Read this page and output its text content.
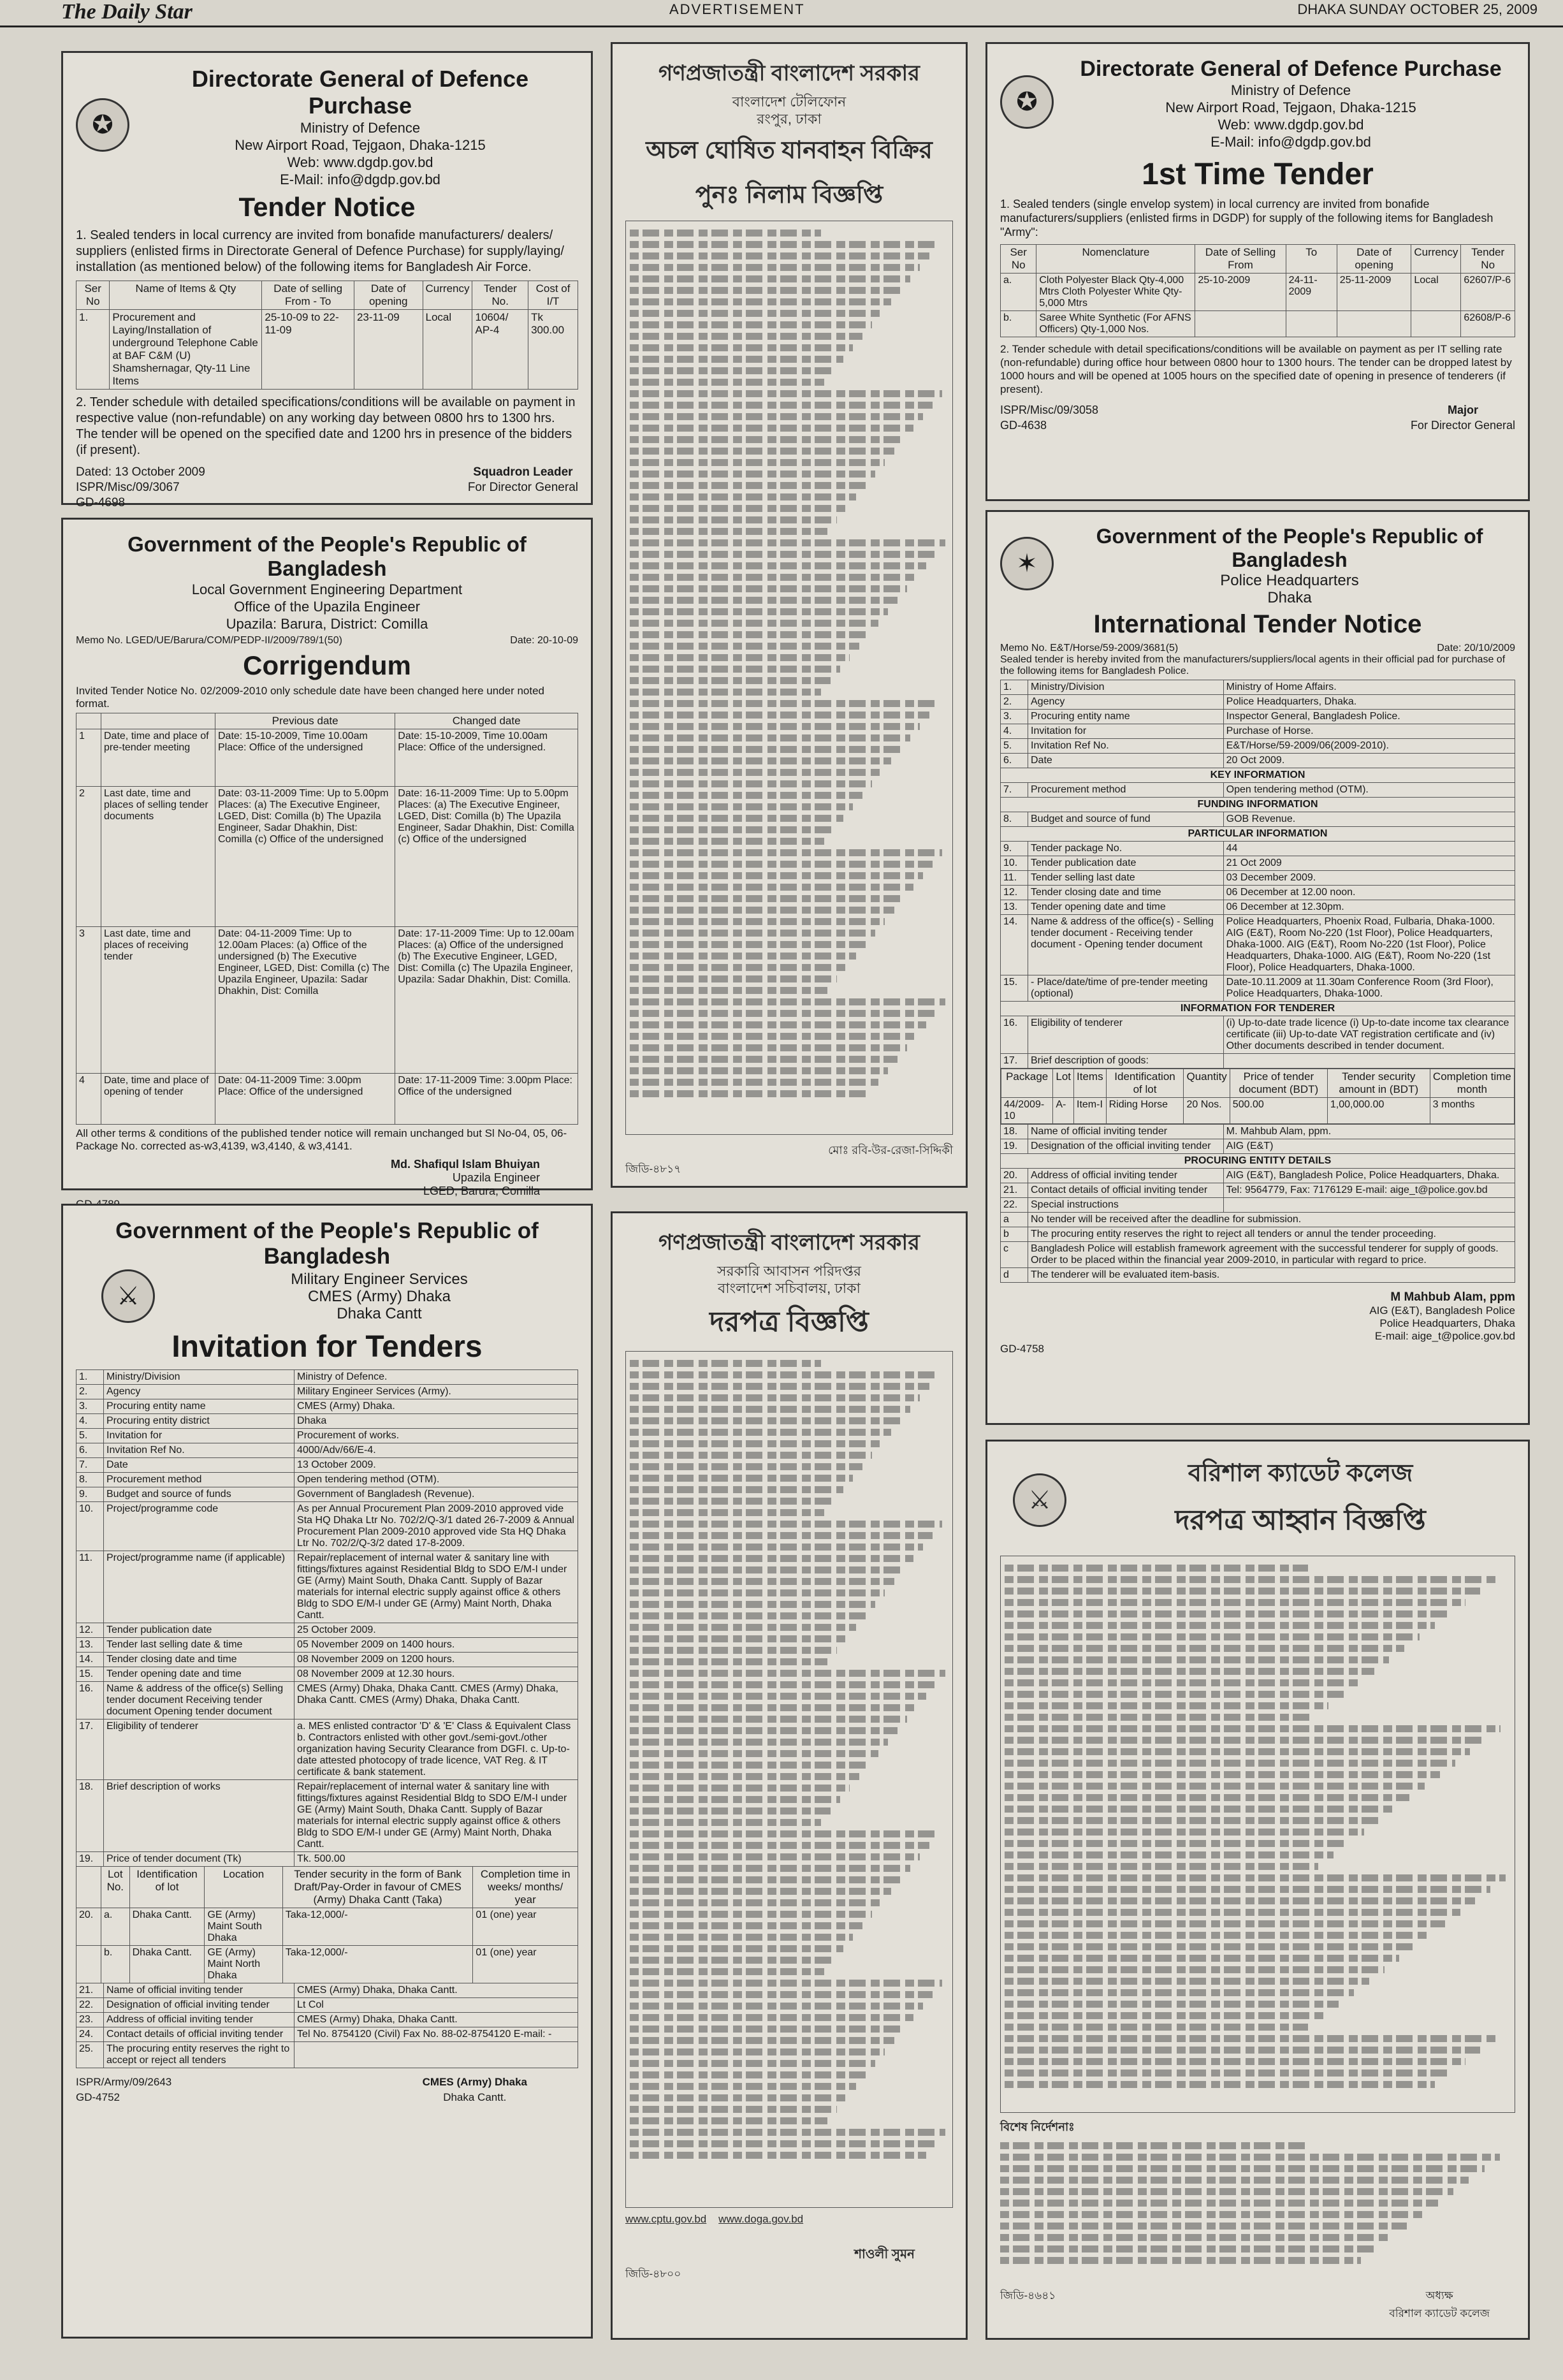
The Daily Star	ADVERTISEMENT	DHAKA SUNDAY OCTOBER 25, 2009
✪
Directorate General of Defence Purchase
Ministry of Defence
New Airport Road, Tejgaon, Dhaka-1215
Web: www.dgdp.gov.bd
E-Mail: info@dgdp.gov.bd
Tender Notice
1. Sealed tenders in local currency are invited from bonafide manufacturers/ dealers/ suppliers (enlisted firms in Directorate General of Defence Purchase) for supply/laying/ installation (as mentioned below) of the following items for Bangladesh Air Force.
Ser No	Name of Items & Qty	Date of selling From - To	Date of opening	Currency	Tender No.	Cost of I/T
1.	Procurement and Laying/Installation of underground Telephone Cable at BAF C&M (U) Shamshernagar, Qty-11 Line Items	25-10-09 to 22-11-09	23-11-09	Local	10604/ AP-4	Tk 300.00
2. Tender schedule with detailed specifications/conditions will be available on payment in respective value (non-refundable) on any working day between 0800 hrs to 1300 hrs. The tender will be opened on the specified date and 1200 hrs in presence of the bidders (if present).
Dated: 13 October 2009
ISPR/Misc/09/3067
GD-4698
Squadron Leader
For Director General
Government of the People's Republic of Bangladesh
Local Government Engineering Department
Office of the Upazila Engineer
Upazila: Barura, District: Comilla
Memo No. LGED/UE/Barura/COM/PEDP-II/2009/789/1(50)	Date: 20-10-09
Corrigendum
Invited Tender Notice No. 02/2009-2010 only schedule date have been changed here under noted format.
		Previous date	Changed date
1	Date, time and place of pre-tender meeting	Date: 15-10-2009, Time 10.00am Place: Office of the undersigned	Date: 15-10-2009, Time 10.00am Place: Office of the undersigned.
2	Last date, time and places of selling tender documents	Date: 03-11-2009 Time: Up to 5.00pm Places: (a) The Executive Engineer, LGED, Dist: Comilla (b) The Upazila Engineer, Sadar Dhakhin, Dist: Comilla (c) Office of the undersigned	Date: 16-11-2009 Time: Up to 5.00pm Places: (a) The Executive Engineer, LGED, Dist: Comilla (b) The Upazila Engineer, Sadar Dhakhin, Dist: Comilla (c) Office of the undersigned
3	Last date, time and places of receiving tender	Date: 04-11-2009 Time: Up to 12.00am Places: (a) Office of the undersigned (b) The Executive Engineer, LGED, Dist: Comilla (c) The Upazila Engineer, Upazila: Sadar Dhakhin, Dist: Comilla	Date: 17-11-2009 Time: Up to 12.00am Places: (a) Office of the undersigned (b) The Executive Engineer, LGED, Dist: Comilla (c) The Upazila Engineer, Upazila: Sadar Dhakhin, Dist: Comilla.
4	Date, time and place of opening of tender	Date: 04-11-2009 Time: 3.00pm Place: Office of the undersigned	Date: 17-11-2009 Time: 3.00pm Place: Office of the undersigned
All other terms & conditions of the published tender notice will remain unchanged but Sl No-04, 05, 06-Package No. corrected as-w3,4139, w3,4140, & w3,4141.
Md. Shafiqul Islam Bhuiyan
Upazila Engineer
LGED, Barura, Comilla
Government of the People's Republic of Bangladesh
⚔
Military Engineer Services
CMES (Army) Dhaka
Dhaka Cantt
Invitation for Tenders
1.	Ministry/Division	Ministry of Defence.
2.	Agency	Military Engineer Services (Army).
3.	Procuring entity name	CMES (Army) Dhaka.
4.	Procuring entity district	Dhaka
5.	Invitation for	Procurement of works.
6.	Invitation Ref No.	4000/Adv/66/E-4.
7.	Date	13 October 2009.
8.	Procurement method	Open tendering method (OTM).
9.	Budget and source of funds	Government of Bangladesh (Revenue).
10.	Project/programme code	As per Annual Procurement Plan 2009-2010 approved vide Sta HQ Dhaka Ltr No. 702/2/Q-3/1 dated 26-7-2009 & Annual Procurement Plan 2009-2010 approved vide Sta HQ Dhaka Ltr No. 702/2/Q-3/2 dated 17-8-2009.
11.	Project/programme name (if applicable)	Repair/replacement of internal water & sanitary line with fittings/fixtures against Residential Bldg to SDO E/M-I under GE (Army) Maint South, Dhaka Cantt. Supply of Bazar materials for internal electric supply against office & others Bldg to SDO E/M-I under GE (Army) Maint North, Dhaka Cantt.
12.	Tender publication date	25 October 2009.
13.	Tender last selling date & time	05 November 2009 on 1400 hours.
14.	Tender closing date and time	08 November 2009 on 1200 hours.
15.	Tender opening date and time	08 November 2009 at 12.30 hours.
16.	Name & address of the office(s) Selling tender document Receiving tender document Opening tender document	CMES (Army) Dhaka, Dhaka Cantt. CMES (Army) Dhaka, Dhaka Cantt. CMES (Army) Dhaka, Dhaka Cantt.
17.	Eligibility of tenderer	a. MES enlisted contractor 'D' & 'E' Class & Equivalent Class b. Contractors enlisted with other govt./semi-govt./other organization having Security Clearance from DGFI. c. Up-to-date attested photocopy of trade licence, VAT Reg. & IT certificate & bank statement.
18.	Brief description of works	Repair/replacement of internal water & sanitary line with fittings/fixtures against Residential Bldg to SDO E/M-I under GE (Army) Maint South, Dhaka Cantt. Supply of Bazar materials for internal electric supply against office & others Bldg to SDO E/M-I under GE (Army) Maint North, Dhaka Cantt.
19.	Price of tender document (Tk)	Tk. 500.00
	Lot No.	Identification of lot	Location	Tender security in the form of Bank Draft/Pay-Order in favour of CMES (Army) Dhaka Cantt (Taka)	Completion time in weeks/ months/ year
20.	a.	Dhaka Cantt.	GE (Army) Maint South Dhaka	Taka-12,000/-	01 (one) year
	b.	Dhaka Cantt.	GE (Army) Maint North Dhaka	Taka-12,000/-	01 (one) year
21.	Name of official inviting tender	CMES (Army) Dhaka, Dhaka Cantt.
22.	Designation of official inviting tender	Lt Col
23.	Address of official inviting tender	CMES (Army) Dhaka, Dhaka Cantt.
24.	Contact details of official inviting tender	Tel No. 8754120 (Civil) Fax No. 88-02-8754120 E-mail: -
25.	The procuring entity reserves the right to accept or reject all tenders	
ISPR/Army/09/2643
GD-4752
CMES (Army) Dhaka
Dhaka Cantt.
গণপ্রজাতন্ত্রী বাংলাদেশ সরকার
বাংলাদেশ টেলিফোন
রংপুর, ঢাকা
অচল ঘোষিত যানবাহন বিক্রির
পুনঃ নিলাম বিজ্ঞপ্তি
মোঃ রবি-উর-রেজা-সিদ্দিকী
জিডি-৪৮১৭
গণপ্রজাতন্ত্রী বাংলাদেশ সরকার
সরকারি আবাসন পরিদপ্তর
বাংলাদেশ সচিবালয়, ঢাকা
দরপত্র বিজ্ঞপ্তি
www.cptu.gov.bd www.doga.gov.bd
শাওলী সুমন
জিডি-৪৮০০
✪
Directorate General of Defence Purchase
Ministry of Defence
New Airport Road, Tejgaon, Dhaka-1215
Web: www.dgdp.gov.bd
E-Mail: info@dgdp.gov.bd
1st Time Tender
1. Sealed tenders (single envelop system) in local currency are invited from bonafide manufacturers/suppliers (enlisted firms in DGDP) for supply of the following items for Bangladesh "Army":
Ser No	Nomenclature	Date of Selling From	To	Date of opening	Currency	Tender No
a.	Cloth Polyester Black Qty-4,000 Mtrs Cloth Polyester White Qty-5,000 Mtrs	25-10-2009	24-11-2009	25-11-2009	Local	62607/P-6
b.	Saree White Synthetic (For AFNS Officers) Qty-1,000 Nos.					62608/P-6
2. Tender schedule with detail specifications/conditions will be available on payment as per IT selling rate (non-refundable) during office hour between 0800 hour to 1300 hours. The tender can be dropped latest by 1000 hours and will be opened at 1005 hours on the specified date of opening in presence of tenderers (if present).
ISPR/Misc/09/3058
GD-4638
Major
For Director General
✶
Government of the People's Republic of Bangladesh
Police Headquarters
Dhaka
International Tender Notice
Memo No. E&T/Horse/59-2009/3681(5)	Date: 20/10/2009
Sealed tender is hereby invited from the manufacturers/suppliers/local agents in their official pad for purchase of the following items for Bangladesh Police.
1.	Ministry/Division	Ministry of Home Affairs.
2.	Agency	Police Headquarters, Dhaka.
3.	Procuring entity name	Inspector General, Bangladesh Police.
4.	Invitation for	Purchase of Horse.
5.	Invitation Ref No.	E&T/Horse/59-2009/06(2009-2010).
6.	Date	20 Oct 2009.
KEY INFORMATION
7.	Procurement method	Open tendering method (OTM).
FUNDING INFORMATION
8.	Budget and source of fund	GOB Revenue.
PARTICULAR INFORMATION
9.	Tender package No.	44
10.	Tender publication date	21 Oct 2009
11.	Tender selling last date	03 December 2009.
12.	Tender closing date and time	06 December at 12.00 noon.
13.	Tender opening date and time	06 December at 12.30pm.
14.	Name & address of the office(s) - Selling tender document - Receiving tender document - Opening tender document	Police Headquarters, Phoenix Road, Fulbaria, Dhaka-1000. AIG (E&T), Room No-220 (1st Floor), Police Headquarters, Dhaka-1000. AIG (E&T), Room No-220 (1st Floor), Police Headquarters, Dhaka-1000. AIG (E&T), Room No-220 (1st Floor), Police Headquarters, Dhaka-1000.
15.	- Place/date/time of pre-tender meeting (optional)	Date-10.11.2009 at 11.30am Conference Room (3rd Floor), Police Headquarters, Dhaka-1000.
INFORMATION FOR TENDERER
16.	Eligibility of tenderer	(i) Up-to-date trade licence (i) Up-to-date income tax clearance certificate (iii) Up-to-date VAT registration certificate and (iv) Other documents described in tender document.
17.	Brief description of goods:	

Package	Lot	Items	Identification of lot	Quantity	Price of tender document (BDT)	Tender security amount in (BDT)	Completion time month
44/2009-10	A-	Item-I	Riding Horse	20 Nos.	500.00	1,00,000.00	3 months

18.	Name of official inviting tender	M. Mahbub Alam, ppm.
19.	Designation of the official inviting tender	AIG (E&T)
PROCURING ENTITY DETAILS
20.	Address of official inviting tender	AIG (E&T), Bangladesh Police, Police Headquarters, Dhaka.
21.	Contact details of official inviting tender	Tel: 9564779, Fax: 7176129 E-mail: aige_t@police.gov.bd
22.	Special instructions	
a	No tender will be received after the deadline for submission.
b	The procuring entity reserves the right to reject all tenders or annul the tender proceeding.
c	Bangladesh Police will establish framework agreement with the successful tenderer for supply of goods. Order to be placed within the financial year 2009-2010, in particular with regard to price.
d	The tenderer will be evaluated item-basis.
M Mahbub Alam, ppm
AIG (E&T), Bangladesh Police
Police Headquarters, Dhaka
E-mail: aige_t@police.gov.bd
GD-4758
⚔
বরিশাল ক্যাডেট কলেজ
দরপত্র আহ্বান বিজ্ঞপ্তি
বিশেষ নির্দেশনাঃ
জিডি-৪৬৪১	অধ্যক্ষ
বরিশাল ক্যাডেট কলেজ
